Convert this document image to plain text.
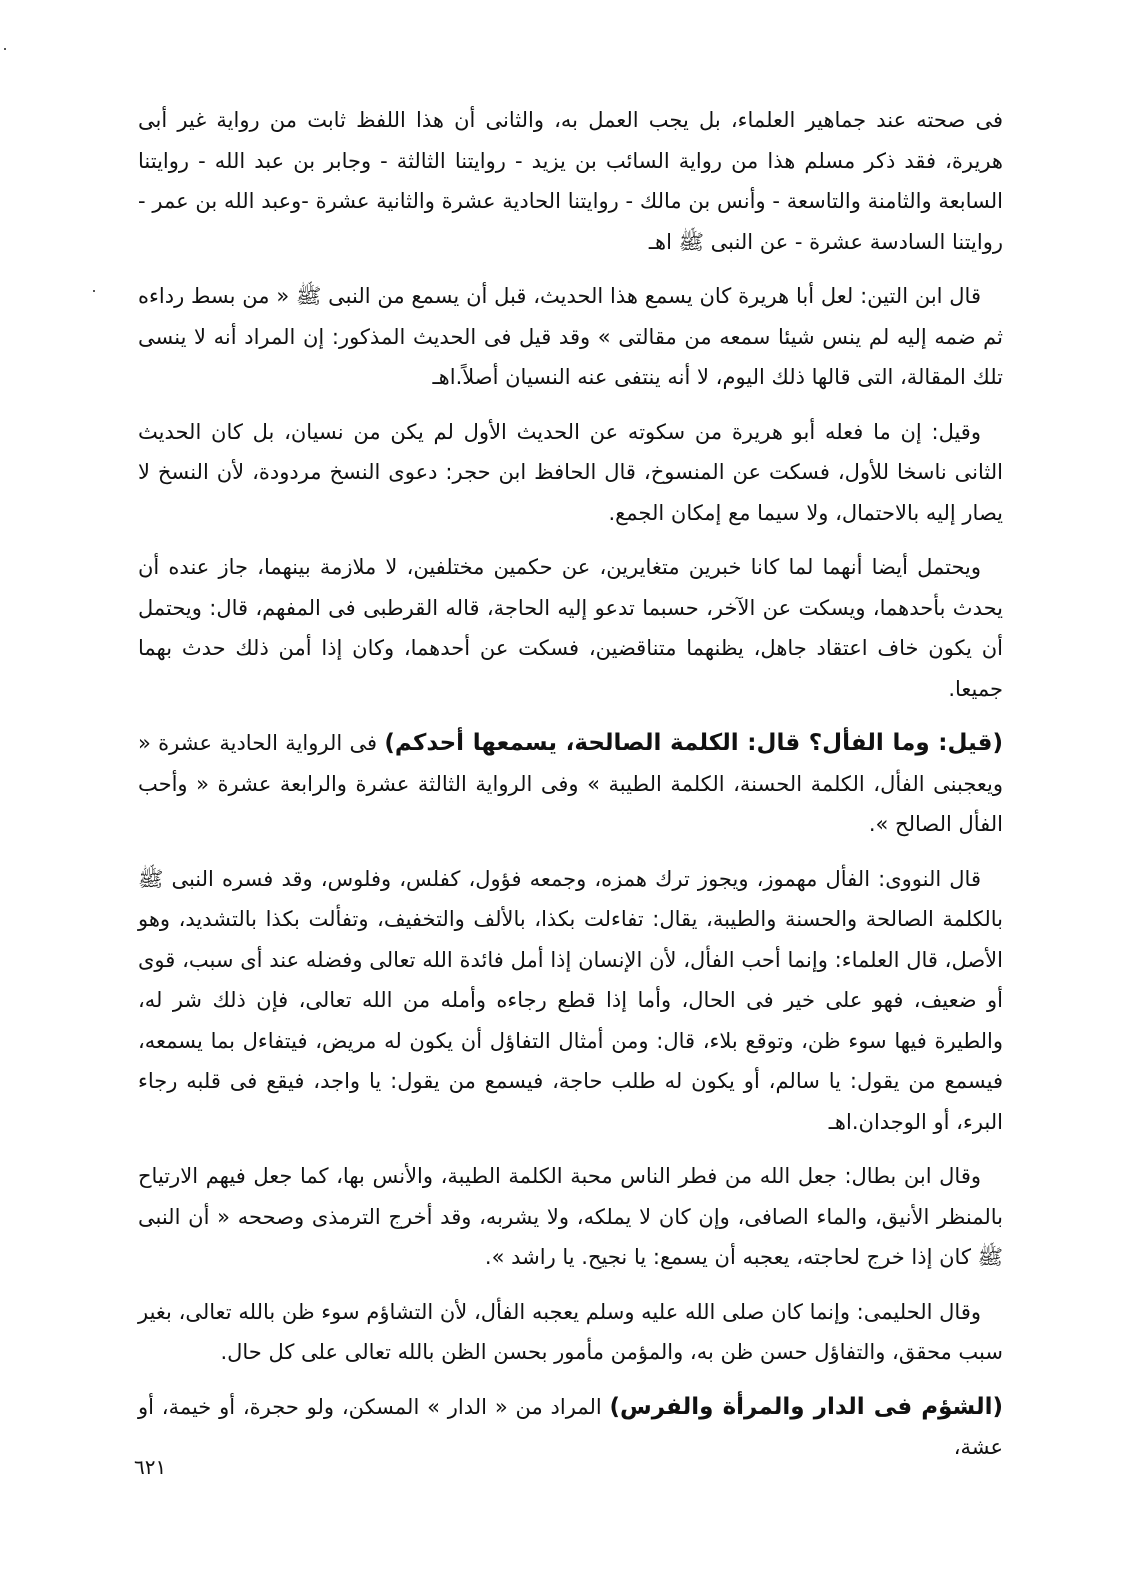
فى صحته عند جماهير العلماء، بل يجب العمل به، والثانى أن هذا اللفظ ثابت من رواية غير أبى هريرة، فقد ذكر مسلم هذا من رواية السائب بن يزيد - روايتنا الثالثة - وجابر بن عبد الله - روايتنا السابعة والثامنة والتاسعة - وأنس بن مالك - روايتنا الحادية عشرة والثانية عشرة -وعبد الله بن عمر - روايتنا السادسة عشرة - عن النبى ﷺ اهـ

قال ابن التين: لعل أبا هريرة كان يسمع هذا الحديث، قبل أن يسمع من النبى ﷺ « من بسط رداءه ثم ضمه إليه لم ينس شيئا سمعه من مقالتى » وقد قيل فى الحديث المذكور: إن المراد أنه لا ينسى تلك المقالة، التى قالها ذلك اليوم، لا أنه ينتفى عنه النسيان أصلاً.اهـ

وقيل: إن ما فعله أبو هريرة من سكوته عن الحديث الأول لم يكن من نسيان، بل كان الحديث الثانى ناسخا للأول، فسكت عن المنسوخ، قال الحافظ ابن حجر: دعوى النسخ مردودة، لأن النسخ لا يصار إليه بالاحتمال، ولا سيما مع إمكان الجمع.

ويحتمل أيضا أنهما لما كانا خبرين متغايرين، عن حكمين مختلفين، لا ملازمة بينهما، جاز عنده أن يحدث بأحدهما، ويسكت عن الآخر، حسبما تدعو إليه الحاجة، قاله القرطبى فى المفهم، قال: ويحتمل أن يكون خاف اعتقاد جاهل، يظنهما متناقضين، فسكت عن أحدهما، وكان إذا أمن ذلك حدث بهما جميعا.

(قيل: وما الفأل؟ قال: الكلمة الصالحة، يسمعها أحدكم) فى الرواية الحادية عشرة « ويعجبنى الفأل، الكلمة الحسنة، الكلمة الطيبة » وفى الرواية الثالثة عشرة والرابعة عشرة « وأحب الفأل الصالح ».

قال النووى: الفأل مهموز، ويجوز ترك همزه، وجمعه فؤول، كفلس، وفلوس، وقد فسره النبى ﷺ بالكلمة الصالحة والحسنة والطيبة، يقال: تفاءلت بكذا، بالألف والتخفيف، وتفألت بكذا بالتشديد، وهو الأصل، قال العلماء: وإنما أحب الفأل، لأن الإنسان إذا أمل فائدة الله تعالى وفضله عند أى سبب، قوى أو ضعيف، فهو على خير فى الحال، وأما إذا قطع رجاءه وأمله من الله تعالى، فإن ذلك شر له، والطيرة فيها سوء ظن، وتوقع بلاء، قال: ومن أمثال التفاؤل أن يكون له مريض، فيتفاءل بما يسمعه، فيسمع من يقول: يا سالم، أو يكون له طلب حاجة، فيسمع من يقول: يا واجد، فيقع فى قلبه رجاء البرء، أو الوجدان.اهـ

وقال ابن بطال: جعل الله من فطر الناس محبة الكلمة الطيبة، والأنس بها، كما جعل فيهم الارتياح بالمنظر الأنيق، والماء الصافى، وإن كان لا يملكه، ولا يشربه، وقد أخرج الترمذى وصححه « أن النبى ﷺ كان إذا خرج لحاجته، يعجبه أن يسمع: يا نجيح. يا راشد ».

وقال الحليمى: وإنما كان صلى الله عليه وسلم يعجبه الفأل، لأن التشاؤم سوء ظن بالله تعالى، بغير سبب محقق، والتفاؤل حسن ظن به، والمؤمن مأمور بحسن الظن بالله تعالى على كل حال.

(الشؤم فى الدار والمرأة والفرس) المراد من « الدار » المسكن، ولو حجرة، أو خيمة، أو عشة،

٦٢١
